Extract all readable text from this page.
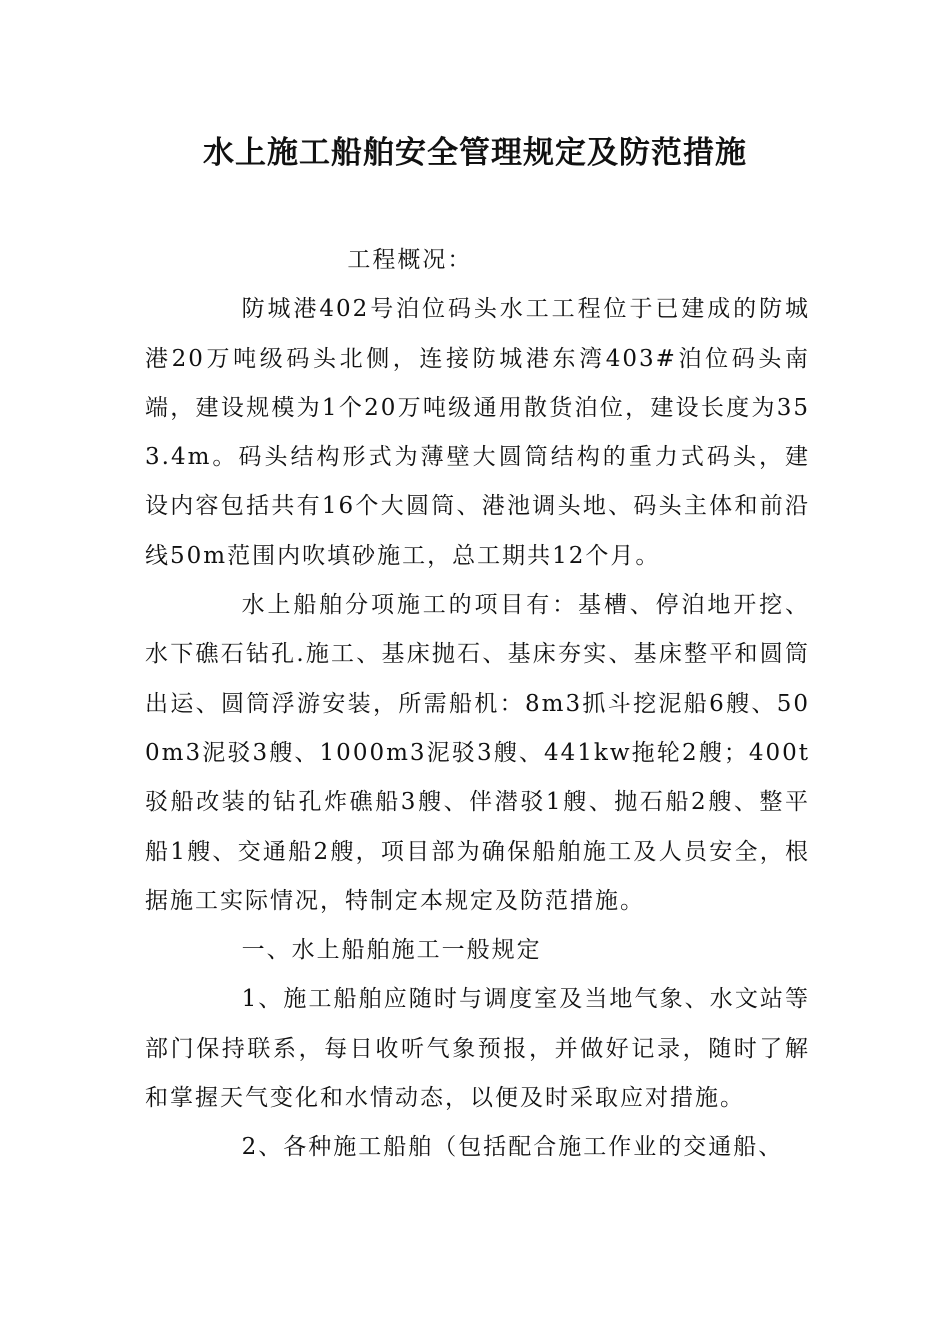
水上施工船舶安全管理规定及防范措施

工程概况：

防城港402号泊位码头水工工程位于已建成的防城港20万吨级码头北侧，连接防城港东湾403#泊位码头南端，建设规模为1个20万吨级通用散货泊位，建设长度为353.4m。码头结构形式为薄壁大圆筒结构的重力式码头，建设内容包括共有16个大圆筒、港池调头地、码头主体和前沿线50m范围内吹填砂施工，总工期共12个月。

水上船舶分项施工的项目有：基槽、停泊地开挖、水下礁石钻孔.施工、基床抛石、基床夯实、基床整平和圆筒出运、圆筒浮游安装，所需船机：8m3抓斗挖泥船6艘、500m3泥驳3艘、1000m3泥驳3艘、441kw拖轮2艘；400t驳船改装的钻孔炸礁船3艘、伴潜驳1艘、抛石船2艘、整平船1艘、交通船2艘，项目部为确保船舶施工及人员安全，根据施工实际情况，特制定本规定及防范措施。

一、水上船舶施工一般规定

1、施工船舶应随时与调度室及当地气象、水文站等部门保持联系，每日收听气象预报，并做好记录，随时了解和掌握天气变化和水情动态，以便及时采取应对措施。

2、各种施工船舶（包括配合施工作业的交通船、
